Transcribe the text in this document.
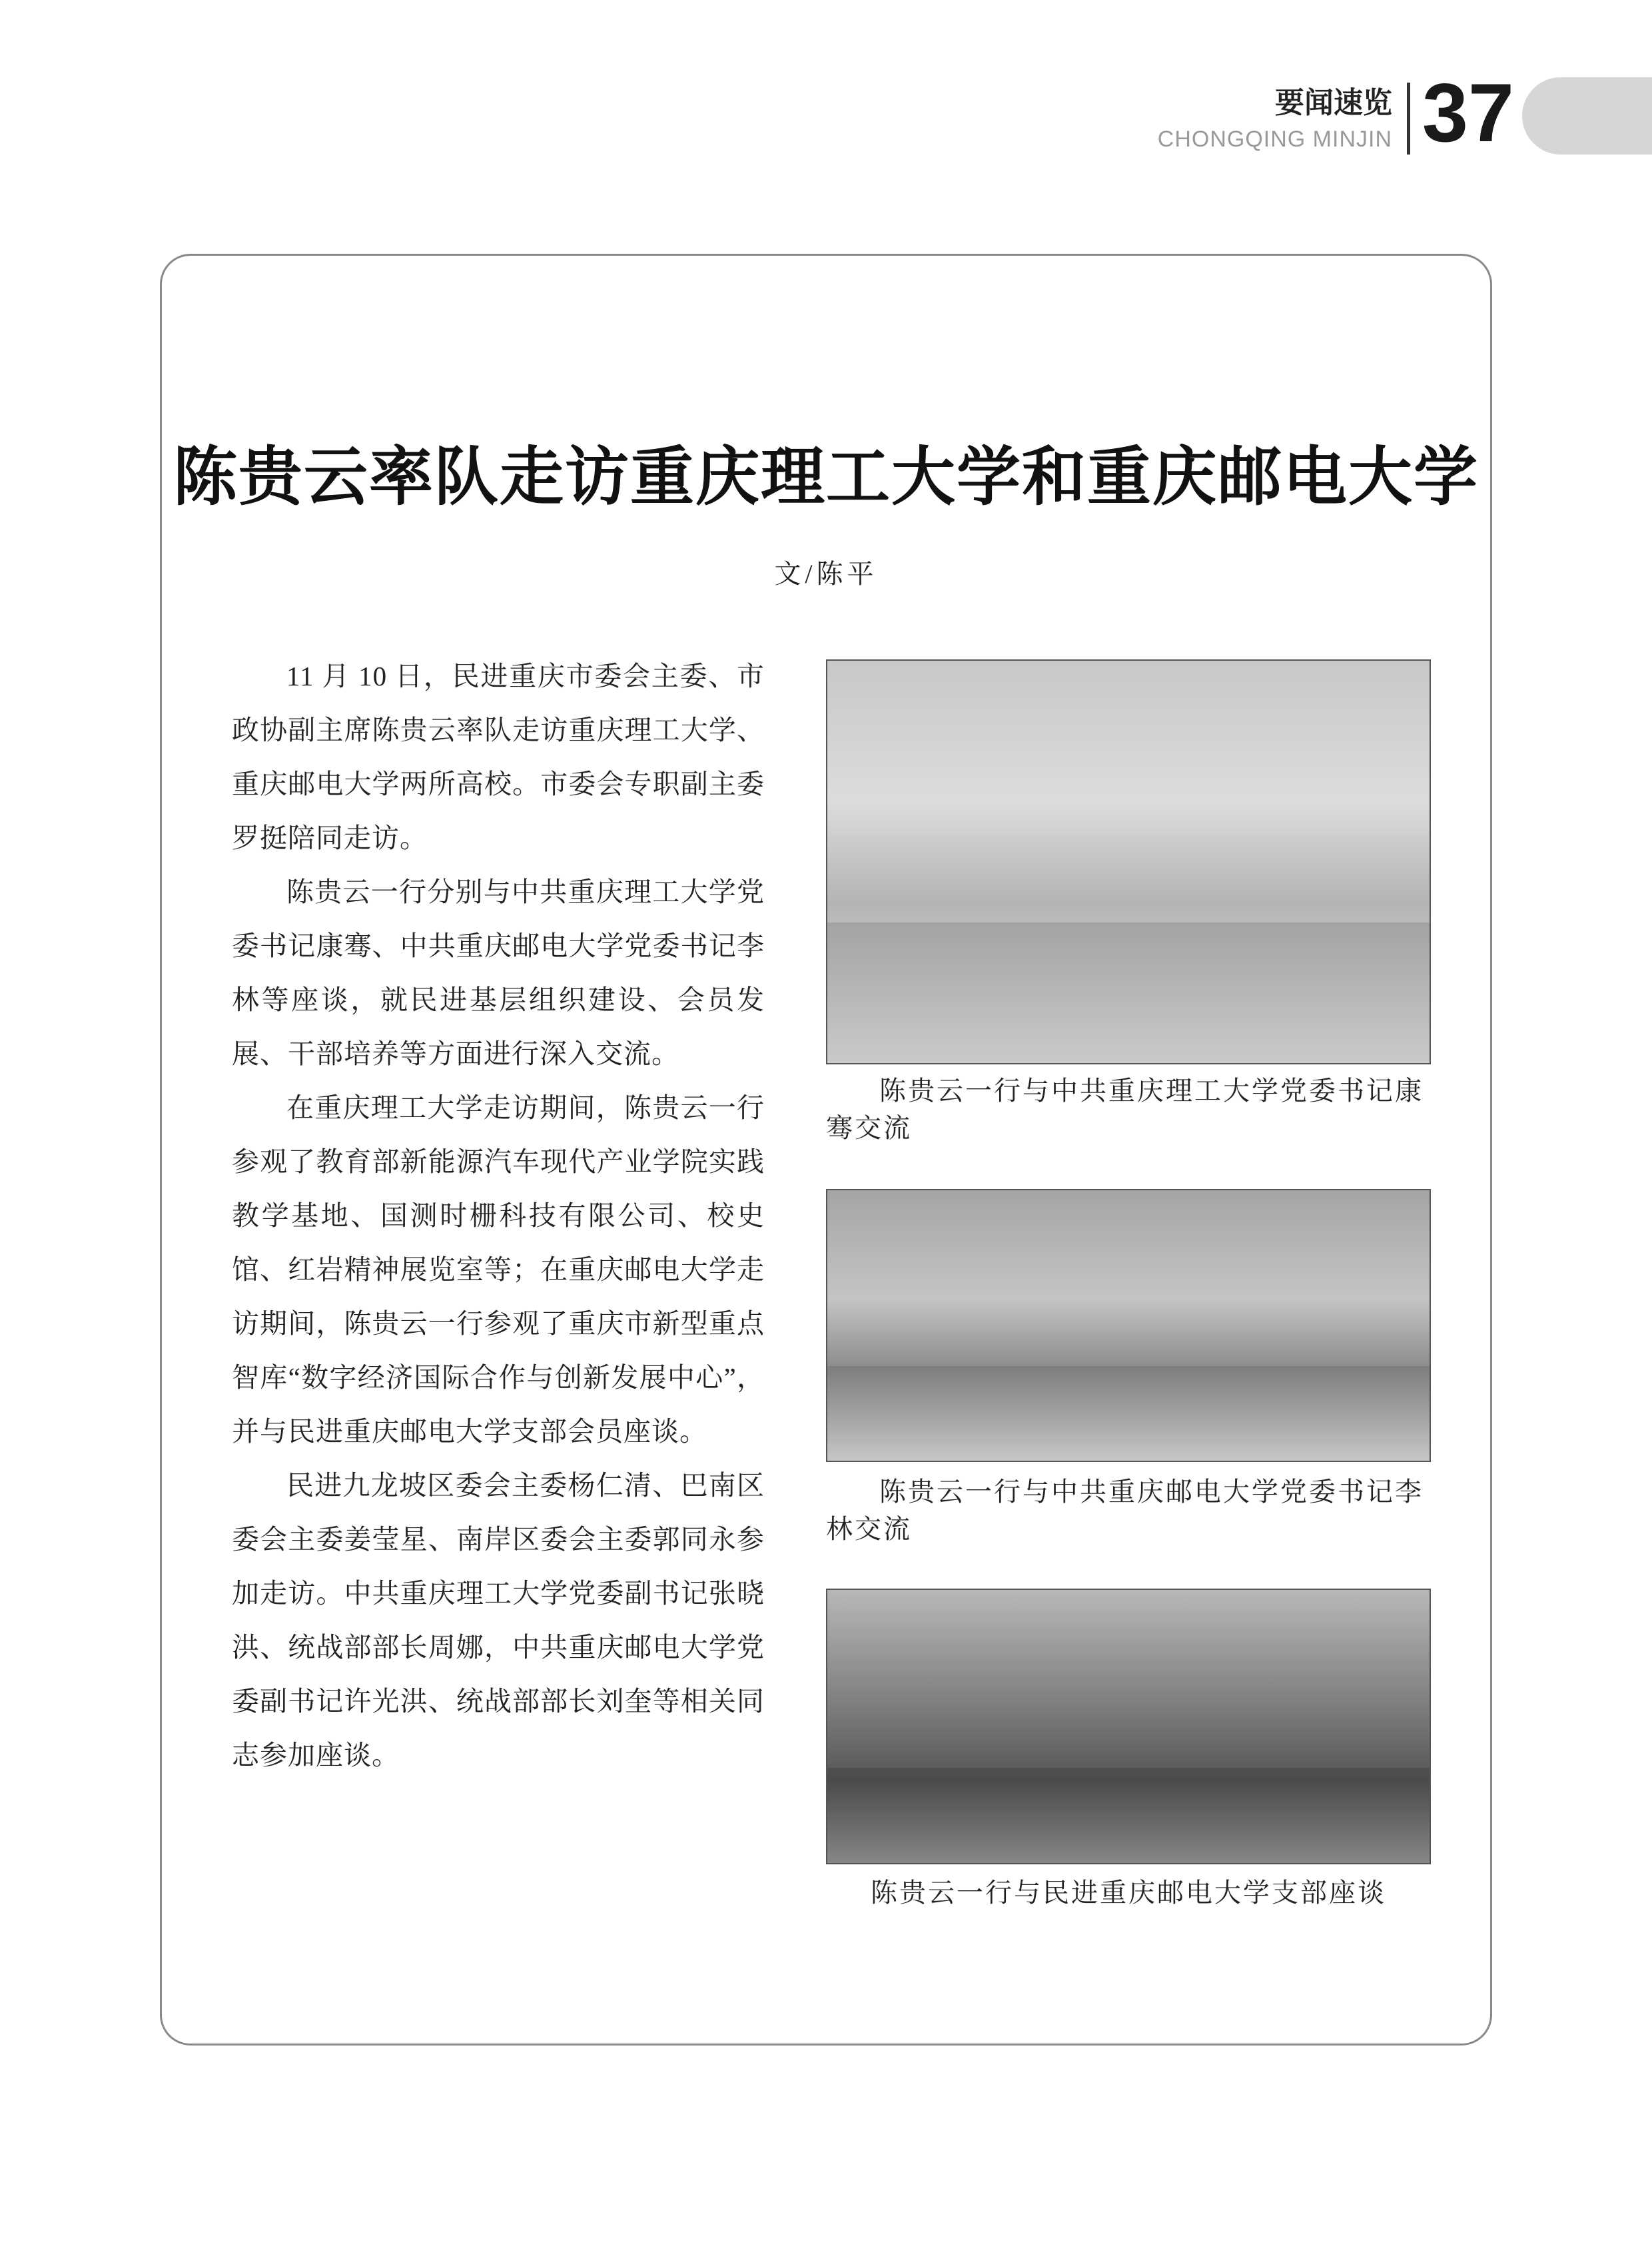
要闻速览
CHONGQING MINJIN 37
陈贵云率队走访重庆理工大学和重庆邮电大学
文/陈平

11 月 10 日，民进重庆市委会主委、市政协副主席陈贵云率队走访重庆理工大学、重庆邮电大学两所高校。市委会专职副主委罗挺陪同走访。

陈贵云一行分别与中共重庆理工大学党委书记康骞、中共重庆邮电大学党委书记李林等座谈，就民进基层组织建设、会员发展、干部培养等方面进行深入交流。

在重庆理工大学走访期间，陈贵云一行参观了教育部新能源汽车现代产业学院实践教学基地、国测时栅科技有限公司、校史馆、红岩精神展览室等；在重庆邮电大学走访期间，陈贵云一行参观了重庆市新型重点智库“数字经济国际合作与创新发展中心”，并与民进重庆邮电大学支部会员座谈。

民进九龙坡区委会主委杨仁清、巴南区委会主委姜莹星、南岸区委会主委郭同永参加走访。中共重庆理工大学党委副书记张晓洪、统战部部长周娜，中共重庆邮电大学党委副书记许光洪、统战部部长刘奎等相关同志参加座谈。

陈贵云一行与中共重庆理工大学党委书记康骞交流
陈贵云一行与中共重庆邮电大学党委书记李林交流
陈贵云一行与民进重庆邮电大学支部座谈
